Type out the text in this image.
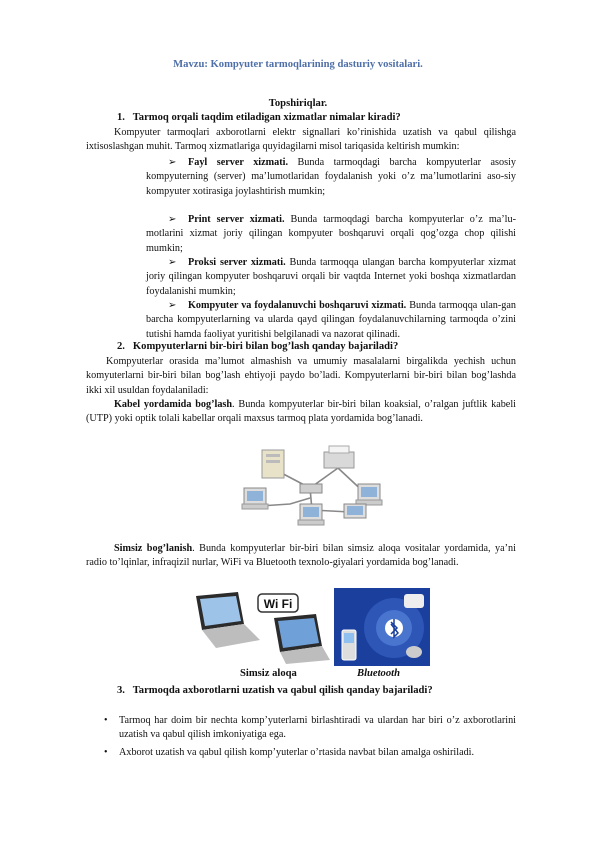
Mavzu: Kompyuter tarmoqlarining dasturiy vositalari.
Topshiriqlar.
1. Tarmoq orqali taqdim etiladigan xizmatlar nimalar kiradi?
Kompyuter tarmoqlari axborotlarni elektr signallari ko’rinishida uzatish va qabul qilishga ixtisoslashgan muhit. Tarmoq xizmatlariga quyidagilarni misol tariqasida keltirish mumkin:
➢	Fayl server xizmati. Bunda tarmoqdagi barcha kompyuterlar asosiy kompyuterning (server) ma’lumotlaridan foydalanish yoki o’z ma’lumotlarini aso-siy kompyuter xotirasiga joylashtirish mumkin;
➢	Print server xizmati. Bunda tarmoqdagi barcha kompyuterlar o’z ma’lu-motlarini xizmat joriy qilingan kompyuter boshqaruvi orqali qog’ozga chop qilishi mumkin;
➢	Proksi server xizmati. Bunda tarmoqqa ulangan barcha kompyuterlar xizmat joriy qilingan kompyuter boshqaruvi orqali bir vaqtda Internet yoki boshqa xizmatlardan foydalanishi mumkin;
➢	Kompyuter va foydalanuvchi boshqaruvi xizmati. Bunda tarmoqqa ulan-gan barcha kompyuterlarning va ularda qayd qilingan foydalanuvchilarning tarmoqda o’zini tutishi hamda faoliyat yuritishi belgilanadi va nazorat qilinadi.
2. Kompyuterlarni bir-biri bilan bog’lash qanday bajariladi?
Kompyuterlar orasida ma’lumot almashish va umumiy masalalarni birgalikda yechish uchun komyuterlarni bir-biri bilan bog’lash ehtiyoji paydo bo’ladi. Kompyuterlarni bir-biri bilan bog’lashda ikki xil usuldan foydalaniladi:
Kabel yordamida bog’lash. Bunda kompyuterlar bir-biri bilan koaksial, o’ralgan juftlik kabeli (UTP) yoki optik tolali kabellar orqali maxsus tarmoq plata yordamida bog’lanadi.
Simsiz bog’lanish. Bunda kompyuterlar bir-biri bilan simsiz aloqa vositalar yordamida, ya’ni radio to’lqinlar, infraqizil nurlar, WiFi va Bluetooth texnolo-giyalari yordamida bog’lanadi.
Wi Fi
Simsiz aloqa	Bluetooth
3. Tarmoqda axborotlarni uzatish va qabul qilish qanday bajariladi?
• Tarmoq har doim bir nechta komp’yuterlarni birlashtiradi va ulardan har biri o’z axborotlarini uzatish va qabul qilish imkoniyatiga ega.
• Axborot uzatish va qabul qilish komp’yuterlar o’rtasida navbat bilan amalga oshiriladi.
